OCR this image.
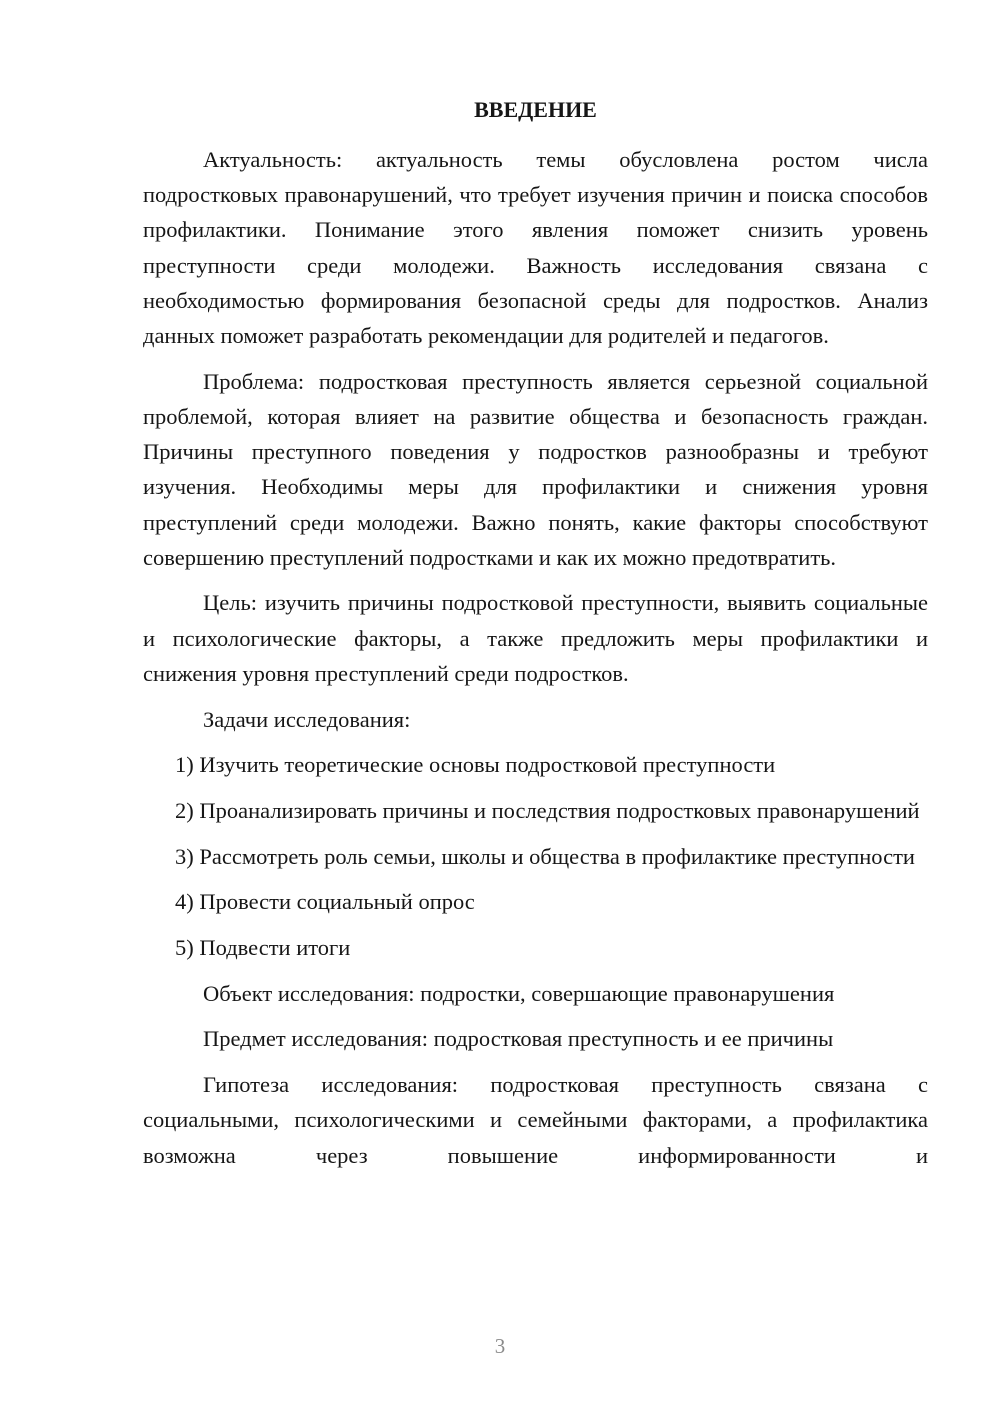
ВВЕДЕНИЕ

Актуальность: актуальность темы обусловлена ростом числа подростковых правонарушений, что требует изучения причин и поиска способов профилактики. Понимание этого явления поможет снизить уровень преступности среди молодежи. Важность исследования связана с необходимостью формирования безопасной среды для подростков. Анализ данных поможет разработать рекомендации для родителей и педагогов.

Проблема: подростковая преступность является серьезной социальной проблемой, которая влияет на развитие общества и безопасность граждан. Причины преступного поведения у подростков разнообразны и требуют изучения. Необходимы меры для профилактики и снижения уровня преступлений среди молодежи. Важно понять, какие факторы способствуют совершению преступлений подростками и как их можно предотвратить.

Цель: изучить причины подростковой преступности, выявить социальные и психологические факторы, а также предложить меры профилактики и снижения уровня преступлений среди подростков.

Задачи исследования:

1) Изучить теоретические основы подростковой преступности

2) Проанализировать причины и последствия подростковых правонарушений

3) Рассмотреть роль семьи, школы и общества в профилактике преступности

4) Провести социальный опрос

5) Подвести итоги

Объект исследования: подростки, совершающие правонарушения

Предмет исследования: подростковая преступность и ее причины

Гипотеза исследования: подростковая преступность связана с социальными, психологическими и семейными факторами, а профилактика возможна через повышение информированности и

3
